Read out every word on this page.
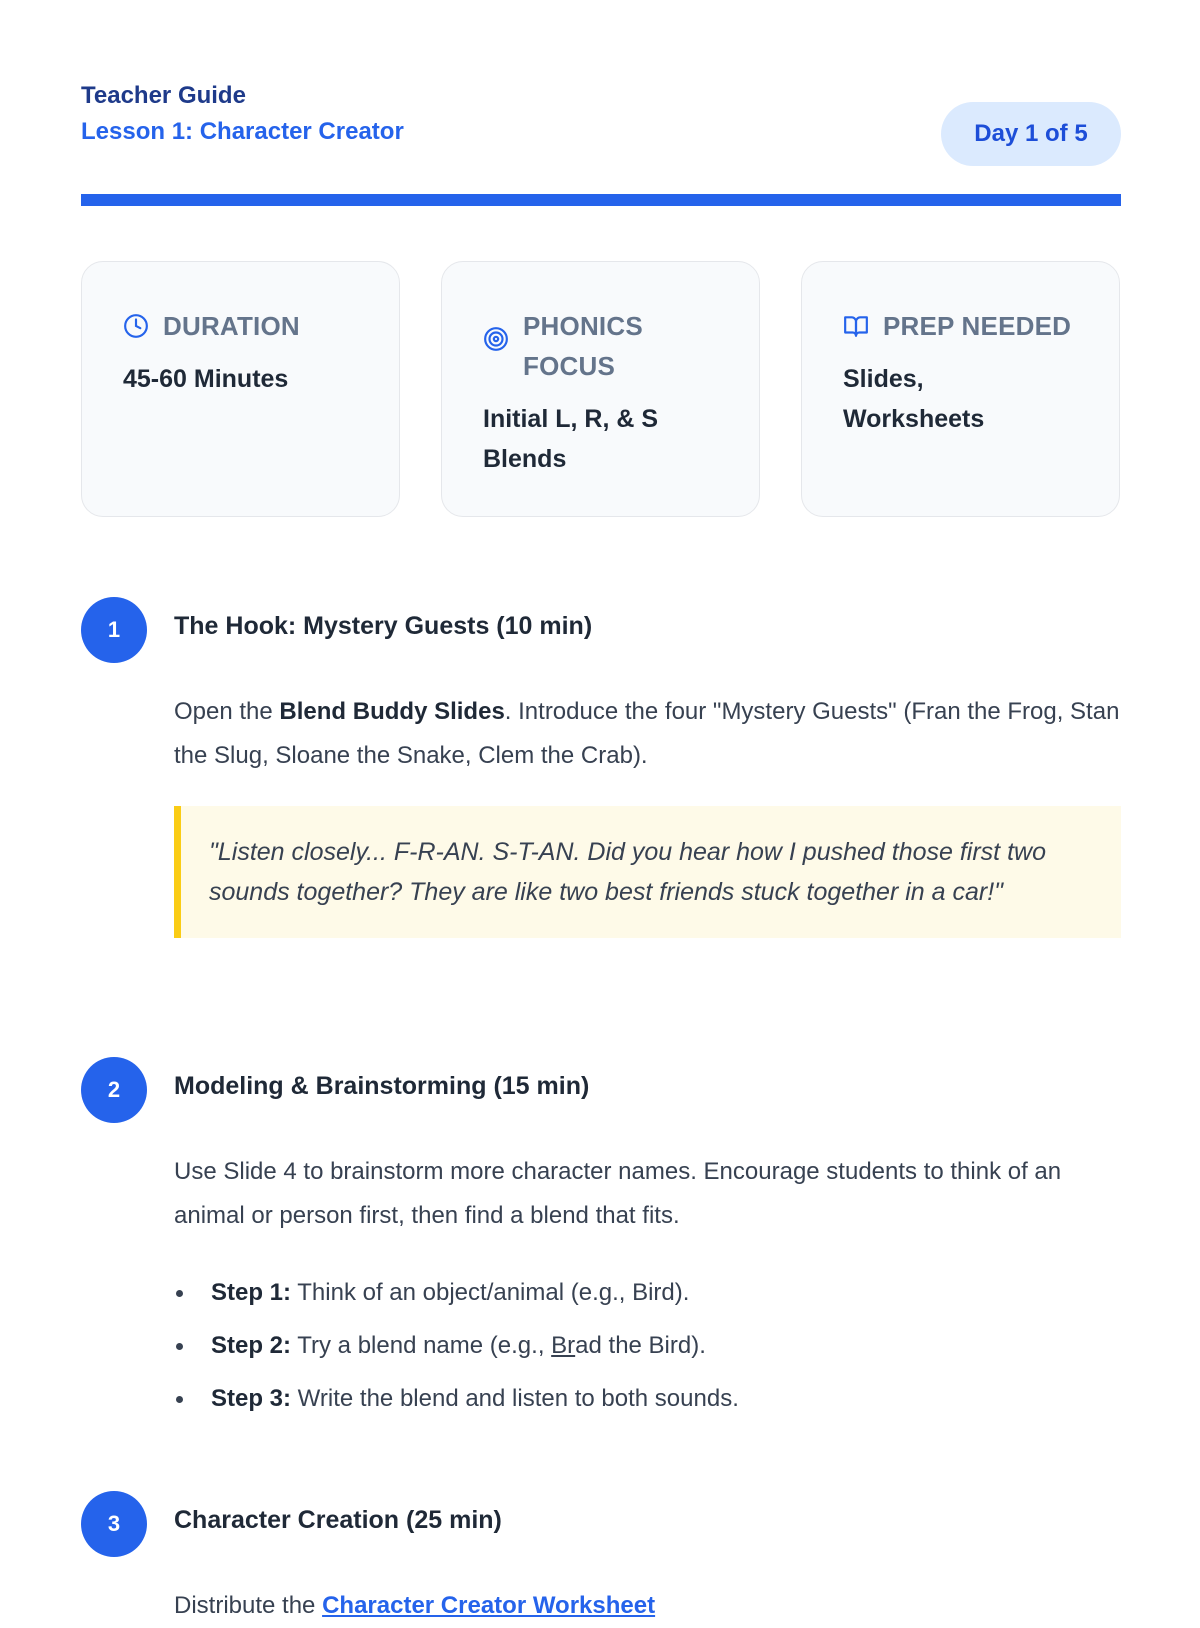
Teacher Guide
Lesson 1: Character Creator	Day 1 of 5
DURATION
45-60 Minutes
PHONICS FOCUS
Initial L, R, & S Blends
PREP NEEDED
Slides, Worksheets
1	The Hook: Mystery Guests (10 min)

Open the Blend Buddy Slides. Introduce the four "Mystery Guests" (Fran the Frog, Stan the Slug, Sloane the Snake, Clem the Crab).

"Listen closely... F-R-AN. S-T-AN. Did you hear how I pushed those first two sounds together? They are like two best friends stuck together in a car!"
2	Modeling & Brainstorming (15 min)

Use Slide 4 to brainstorm more character names. Encourage students to think of an animal or person first, then find a blend that fits.

Step 1: Think of an object/animal (e.g., Bird).
Step 2: Try a blend name (e.g., Brad the Bird).
Step 3: Write the blend and listen to both sounds.
3	Character Creation (25 min)

Distribute the Character Creator Worksheet
